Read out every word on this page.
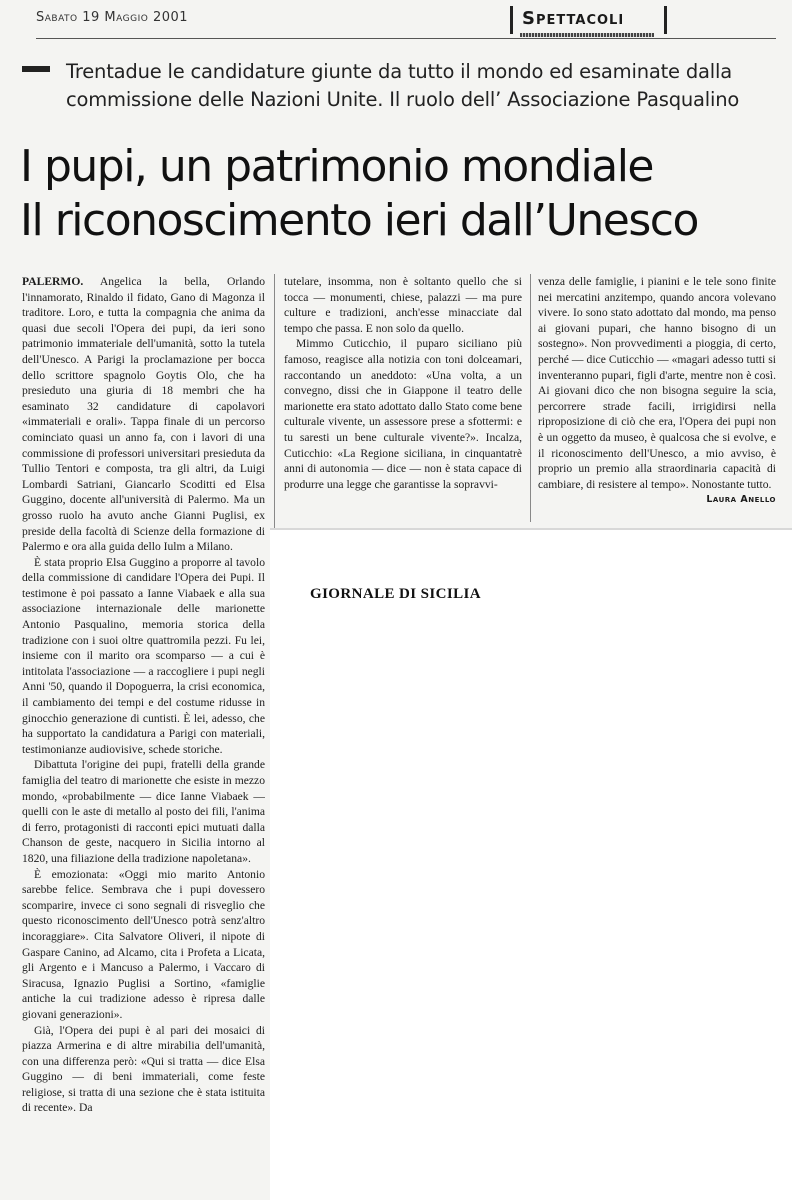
Sabato 19 Maggio 2001	Spettacoli
Trentadue le candidature giunte da tutto il mondo ed esaminate dalla commissione delle Nazioni Unite. Il ruolo dell’ Associazione Pasqualino
I pupi, un patrimonio mondiale
Il riconoscimento ieri dall’Unesco

PALERMO. Angelica la bella, Orlando l'innamorato, Rinaldo il fidato, Gano di Magonza il traditore. Loro, e tutta la compagnia che anima da quasi due secoli l'Opera dei pupi, da ieri sono patrimonio immateriale dell'umanità, sotto la tutela dell'Unesco. A Parigi la proclamazione per bocca dello scrittore spagnolo Goytis Olo, che ha presieduto una giuria di 18 membri che ha esaminato 32 candidature di capolavori «immateriali e orali». Tappa finale di un percorso cominciato quasi un anno fa, con i lavori di una commissione di professori universitari presieduta da Tullio Tentori e composta, tra gli altri, da Luigi Lombardi Satriani, Giancarlo Scoditti ed Elsa Guggino, docente all'università di Palermo. Ma un grosso ruolo ha avuto anche Gianni Puglisi, ex preside della facoltà di Scienze della formazione di Palermo e ora alla guida dello Iulm a Milano.

È stata proprio Elsa Guggino a proporre al tavolo della commissione di candidare l'Opera dei Pupi. Il testimone è poi passato a Ianne Viabaek e alla sua associazione internazionale delle marionette Antonio Pasqualino, memoria storica della tradizione con i suoi oltre quattromila pezzi. Fu lei, insieme con il marito ora scomparso — a cui è intitolata l'associazione — a raccogliere i pupi negli Anni '50, quando il Dopoguerra, la crisi economica, il cambiamento dei tempi e del costume ridusse in ginocchio generazione di cuntisti. È lei, adesso, che ha supportato la candidatura a Parigi con materiali, testimonianze audiovisive, schede storiche.

Dibattuta l'origine dei pupi, fratelli della grande famiglia del teatro di marionette che esiste in mezzo mondo, «probabilmente — dice Ianne Viabaek — quelli con le aste di metallo al posto dei fili, l'anima di ferro, protagonisti di racconti epici mutuati dalla Chanson de geste, nacquero in Sicilia intorno al 1820, una filiazione della tradizione napoletana».

È emozionata: «Oggi mio marito Antonio sarebbe felice. Sembrava che i pupi dovessero scomparire, invece ci sono segnali di risveglio che questo riconoscimento dell'Unesco potrà senz'altro incoraggiare». Cita Salvatore Oliveri, il nipote di Gaspare Canino, ad Alcamo, cita i Profeta a Licata, gli Argento e i Mancuso a Palermo, i Vaccaro di Siracusa, Ignazio Puglisi a Sortino, «famiglie antiche la cui tradizione adesso è ripresa dalle giovani generazioni».

Già, l'Opera dei pupi è al pari dei mosaici di piazza Armerina e di altre mirabilia dell'umanità, con una differenza però: «Qui si tratta — dice Elsa Guggino — di beni immateriali, come feste religiose, si tratta di una sezione che è stata istituita di recente». Da

tutelare, insomma, non è soltanto quello che si tocca — monumenti, chiese, palazzi — ma pure culture e tradizioni, anch'esse minacciate dal tempo che passa. E non solo da quello.

Mimmo Cuticchio, il puparo siciliano più famoso, reagisce alla notizia con toni dolceamari, raccontando un aneddoto: «Una volta, a un convegno, dissi che in Giappone il teatro delle marionette era stato adottato dallo Stato come bene culturale vivente, un assessore prese a sfottermi: e tu saresti un bene culturale vivente?». Incalza, Cuticchio: «La Regione siciliana, in cinquantatrè anni di autonomia — dice — non è stata capace di produrre una legge che garantisse la sopravvi-

venza delle famiglie, i pianini e le tele sono finite nei mercatini anzitempo, quando ancora volevano vivere. Io sono stato adottato dal mondo, ma penso ai giovani pupari, che hanno bisogno di un sostegno». Non provvedimenti a pioggia, di certo, perché — dice Cuticchio — «magari adesso tutti si inventeranno pupari, figli d'arte, mentre non è così. Ai giovani dico che non bisogna seguire la scia, percorrere strade facili, irrigidirsi nella riproposizione di ciò che era, l'Opera dei pupi non è un oggetto da museo, è qualcosa che si evolve, e il riconoscimento dell'Unesco, a mio avviso, è proprio un premio alla straordinaria capacità di cambiare, di resistere al tempo». Nonostante tutto.
Laura Anello

GIORNALE DI SICILIA
